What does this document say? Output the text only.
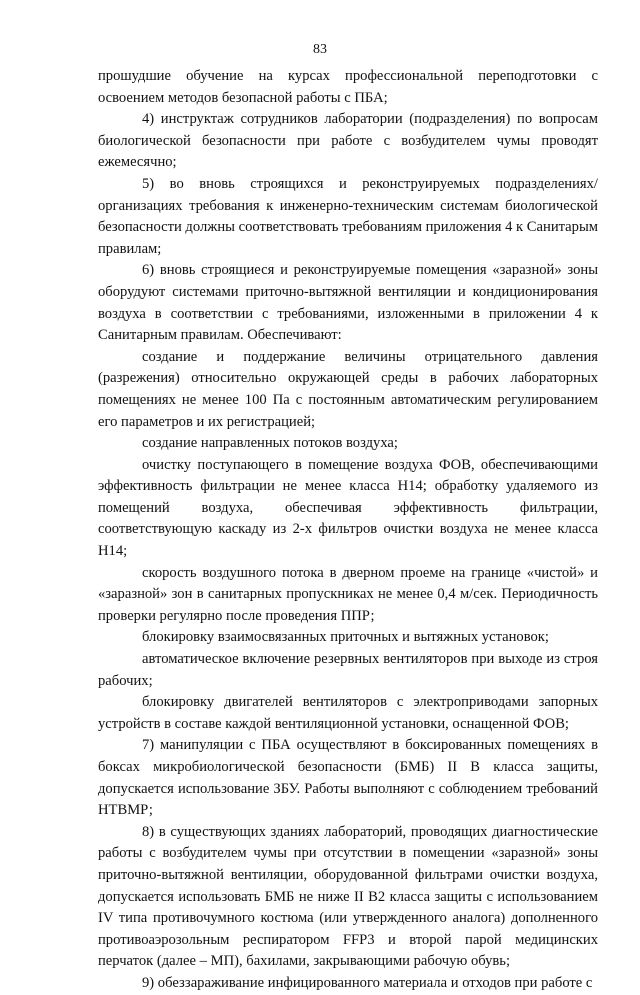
83

прошудшие обучение на курсах профессиональной переподготовки с освоением методов безопасной работы с ПБА;

4) инструктаж сотрудников лаборатории (подразделения) по вопросам биологической безопасности при работе с возбудителем чумы проводят ежемесячно;

5) во вновь строящихся и реконструируемых подразделениях/организациях требования к инженерно-техническим системам биологической безопасности должны соответствовать требованиям приложения 4 к Санитарым правилам;

6) вновь строящиеся и реконструируемые помещения «заразной» зоны оборудуют системами приточно-вытяжной вентиляции и кондиционирования воздуха в соответствии с требованиями, изложенными в приложении 4 к Санитарным правилам. Обеспечивают:

создание и поддержание величины отрицательного давления (разрежения) относительно окружающей среды в рабочих лабораторных помещениях не менее 100 Па с постоянным автоматическим регулированием его параметров и их регистрацией;

создание направленных потоков воздуха;

очистку поступающего в помещение воздуха ФОВ, обеспечивающими эффективность фильтрации не менее класса H14; обработку удаляемого из помещений воздуха, обеспечивая эффективность фильтрации, соответствующую каскаду из 2-х фильтров очистки воздуха не менее класса H14;

скорость воздушного потока в дверном проеме на границе «чистой» и «заразной» зон в санитарных пропускниках не менее 0,4 м/сек. Периодичность проверки регулярно после проведения ППР;

блокировку взаимосвязанных приточных и вытяжных установок;

автоматическое включение резервных вентиляторов при выходе из строя рабочих;

блокировку двигателей вентиляторов с электроприводами запорных устройств в составе каждой вентиляционной установки, оснащенной ФОВ;

7) манипуляции с ПБА осуществляют в боксированных помещениях в боксах микробиологической безопасности (БМБ) II В класса защиты, допускается использование ЗБУ. Работы выполняют с соблюдением требований НТВМР;

8) в существующих зданиях лабораторий, проводящих диагностические работы с возбудителем чумы при отсутствии в помещении «заразной» зоны приточно-вытяжной вентиляции, оборудованной фильтрами очистки воздуха, допускается использовать БМБ не ниже II В2 класса защиты с использованием IV типа противочумного костюма (или утвержденного аналога) дополненного противоаэрозольным респиратором FFP3 и второй парой медицинских перчаток (далее – МП), бахилами, закрывающими рабочую обувь;

9) обеззараживание инфицированного материала и отходов при работе с
